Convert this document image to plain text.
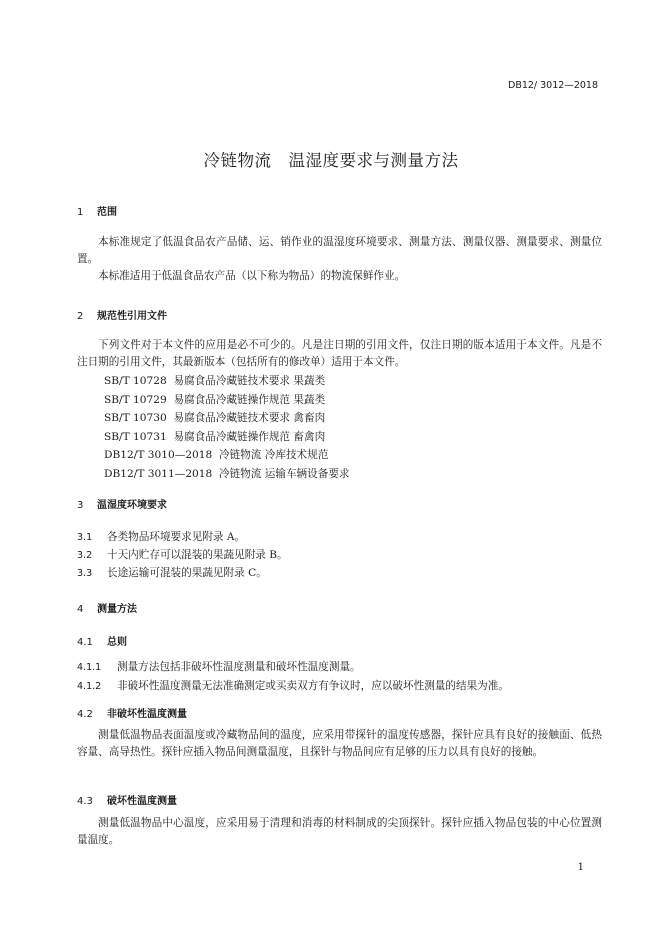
DB12/ 3012—2018
冷链物流　温湿度要求与测量方法
1 范围

本标准规定了低温食品农产品储、运、销作业的温湿度环境要求、测量方法、测量仪器、测量要求、测量位置。

本标准适用于低温食品农产品（以下称为物品）的物流保鲜作业。

2 规范性引用文件

下列文件对于本文件的应用是必不可少的。凡是注日期的引用文件，仅注日期的版本适用于本文件。凡是不注日期的引用文件，其最新版本（包括所有的修改单）适用于本文件。

SB/T 10728 易腐食品冷藏链技术要求 果蔬类
SB/T 10729 易腐食品冷藏链操作规范 果蔬类
SB/T 10730 易腐食品冷藏链技术要求 禽畜肉
SB/T 10731 易腐食品冷藏链操作规范 畜禽肉
DB12/T 3010—2018 冷链物流 冷库技术规范
DB12/T 3011—2018 冷链物流 运输车辆设备要求
3 温湿度环境要求
3.1 各类物品环境要求见附录 A。
3.2 十天内贮存可以混装的果蔬见附录 B。
3.3 长途运输可混装的果蔬见附录 C。
4 测量方法
4.1 总则
4.1.1 测量方法包括非破坏性温度测量和破坏性温度测量。
4.1.2 非破坏性温度测量无法准确测定或买卖双方有争议时，应以破坏性测量的结果为准。
4.2 非破坏性温度测量

测量低温物品表面温度或冷藏物品间的温度，应采用带探针的温度传感器，探针应具有良好的接触面、低热容量、高导热性。探针应插入物品间测量温度，且探针与物品间应有足够的压力以具有良好的接触。

4.3 破坏性温度测量

测量低温物品中心温度，应采用易于清理和消毒的材料制成的尖顶探针。探针应插入物品包装的中心位置测量温度。

1
